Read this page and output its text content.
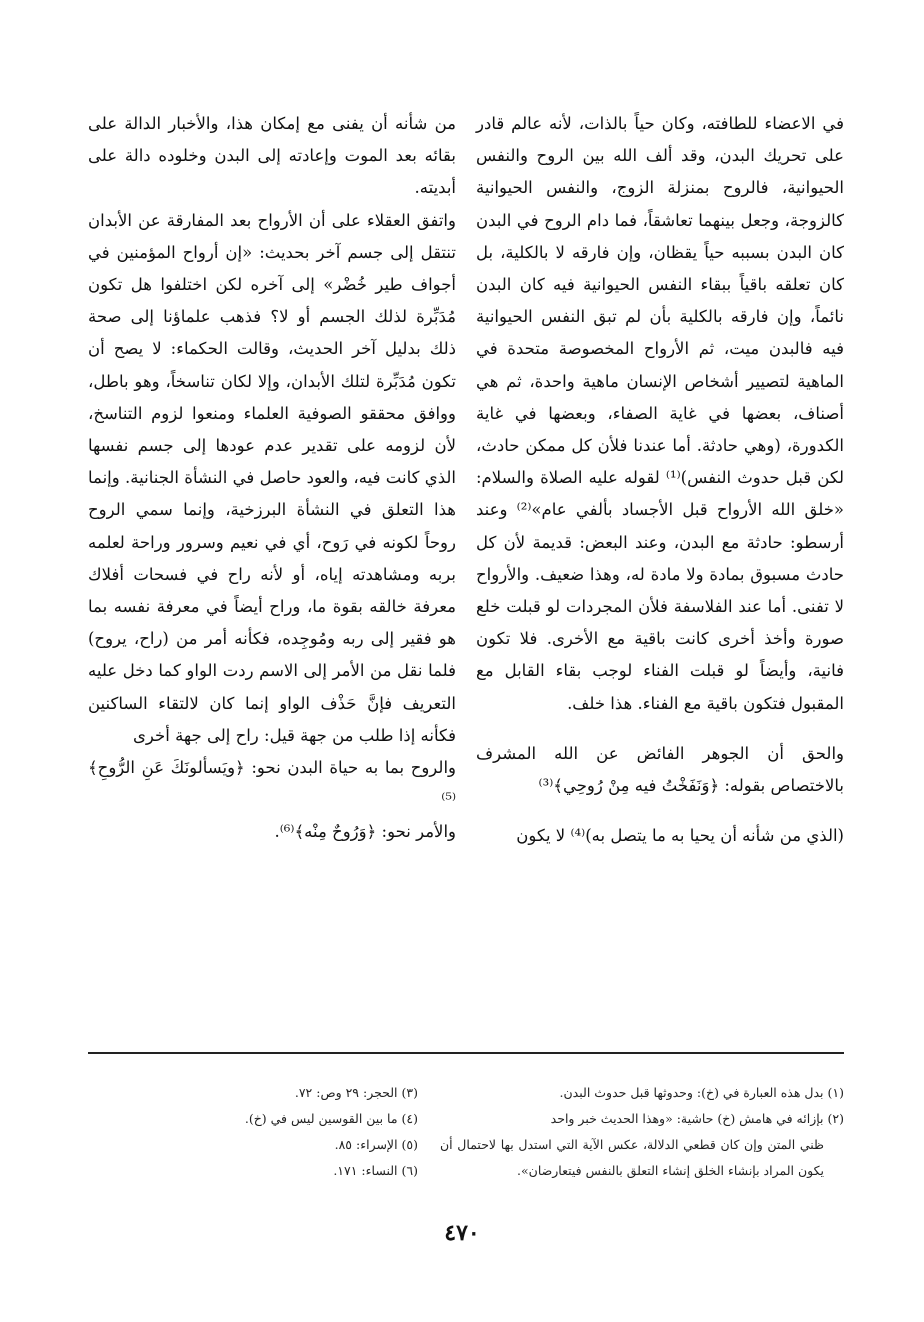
في الاعضاء للطافته، وكان حياً بالذات، لأنه عالم قادر على تحريك البدن، وقد ألف الله بين الروح والنفس الحيوانية، فالروح بمنزلة الزوج، والنفس الحيوانية كالزوجة، وجعل بينهما تعاشقاً، فما دام الروح في البدن كان البدن بسببه حياً يقظان، وإن فارقه لا بالكلية، بل كان تعلقه باقياً ببقاء النفس الحيوانية فيه كان البدن نائماً، وإن فارقه بالكلية بأن لم تبق النفس الحيوانية فيه فالبدن ميت، ثم الأرواح المخصوصة متحدة في الماهية لتصيير أشخاص الإنسان ماهية واحدة، ثم هي أصناف، بعضها في غاية الصفاء، وبعضها في غاية الكدورة، (وهي حادثة. أما عندنا فلأن كل ممكن حادث، لكن قبل حدوث النفس)⁽¹⁾ لقوله عليه الصلاة والسلام: «خلق الله الأرواح قبل الأجساد بألفي عام»⁽²⁾ وعند أرسطو: حادثة مع البدن، وعند البعض: قديمة لأن كل حادث مسبوق بمادة ولا مادة له، وهذا ضعيف. والأرواح لا تفنى. أما عند الفلاسفة فلأن المجردات لو قبلت خلع صورة وأخذ أخرى كانت باقية مع الأخرى. فلا تكون فانية، وأيضاً لو قبلت الفناء لوجب بقاء القابل مع المقبول فتكون باقية مع الفناء. هذا خلف.

والحق أن الجوهر الفائض عن الله المشرف بالاختصاص بقوله: ﴿وَنَفَخْتُ فيه مِنْ رُوحِي﴾⁽³⁾

(الذي من شأنه أن يحيا به ما يتصل به)⁽⁴⁾ لا يكون

من شأنه أن يفنى مع إمكان هذا، والأخبار الدالة على بقائه بعد الموت وإعادته إلى البدن وخلوده دالة على أبديته.

واتفق العقلاء على أن الأرواح بعد المفارقة عن الأبدان تنتقل إلى جسم آخر بحديث: «إن أرواح المؤمنين في أجواف طير خُضْر» إلى آخره لكن اختلفوا هل تكون مُدَبِّرة لذلك الجسم أو لا؟ فذهب علماؤنا إلى صحة ذلك بدليل آخر الحديث، وقالت الحكماء: لا يصح أن تكون مُدَبِّرة لتلك الأبدان، وإلا لكان تناسخاً، وهو باطل، ووافق محققو الصوفية العلماء ومنعوا لزوم التناسخ، لأن لزومه على تقدير عدم عودها إلى جسم نفسها الذي كانت فيه، والعود حاصل في النشأة الجنانية. وإنما هذا التعلق في النشأة البرزخية، وإنما سمي الروح روحاً لكونه في رَوح، أي في نعيم وسرور وراحة لعلمه بربه ومشاهدته إياه، أو لأنه راح في فسحات أفلاك معرفة خالقه بقوة ما، وراح أيضاً في معرفة نفسه بما هو فقير إلى ربه ومُوجِده، فكأنه أمر من (راح، يروح) فلما نقل من الأمر إلى الاسم ردت الواو كما دخل عليه التعريف فإنَّ حَذْف الواو إنما كان لالتقاء الساكنين فكأنه إذا طلب من جهة قيل: راح إلى جهة أخرى

والروح بما به حياة البدن نحو: ﴿ويَسألونَكَ عَنِ الرُّوحِ﴾⁽⁵⁾

والأمر نحو: ﴿وَرُوحٌ مِنْه﴾⁽⁶⁾.

(١) بدل هذه العبارة في (خ): وحدوثها قبل حدوث البدن.

(٢) بإزائه في هامش (خ) حاشية: «وهذا الحديث خبر واحد

ظني المتن وإن كان قطعي الدلالة، عكس الآية التي استدل بها لاحتمال أن يكون المراد بإنشاء الخلق إنشاء التعلق بالنفس فيتعارضان».

(٣) الحجر: ٢٩ وص: ٧٢.

(٤) ما بين القوسين ليس في (خ).

(٥) الإسراء: ٨٥.

(٦) النساء: ١٧١.

٤٧٠
